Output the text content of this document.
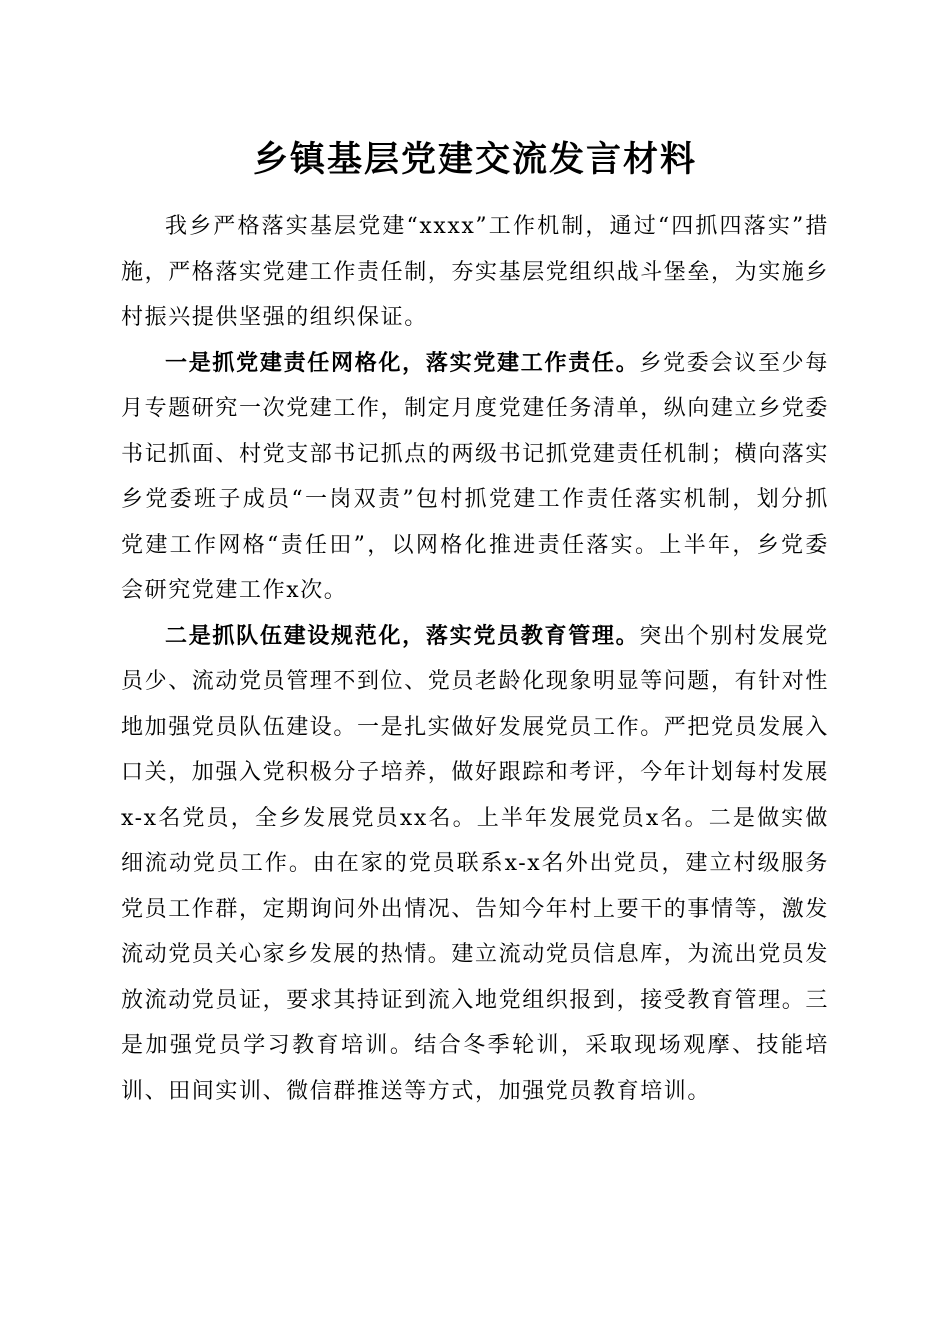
乡镇基层党建交流发言材料

我乡严格落实基层党建“xxxx”工作机制，通过“四抓四落实”措施，严格落实党建工作责任制，夯实基层党组织战斗堡垒，为实施乡村振兴提供坚强的组织保证。

一是抓党建责任网格化，落实党建工作责任。乡党委会议至少每月专题研究一次党建工作，制定月度党建任务清单，纵向建立乡党委书记抓面、村党支部书记抓点的两级书记抓党建责任机制；横向落实乡党委班子成员“一岗双责”包村抓党建工作责任落实机制，划分抓党建工作网格“责任田”，以网格化推进责任落实。上半年，乡党委会研究党建工作x次。

二是抓队伍建设规范化，落实党员教育管理。突出个别村发展党员少、流动党员管理不到位、党员老龄化现象明显等问题，有针对性地加强党员队伍建设。一是扎实做好发展党员工作。严把党员发展入口关，加强入党积极分子培养，做好跟踪和考评，今年计划每村发展x-x名党员，全乡发展党员xx名。上半年发展党员x名。二是做实做细流动党员工作。由在家的党员联系x-x名外出党员，建立村级服务党员工作群，定期询问外出情况、告知今年村上要干的事情等，激发流动党员关心家乡发展的热情。建立流动党员信息库，为流出党员发放流动党员证，要求其持证到流入地党组织报到，接受教育管理。三是加强党员学习教育培训。结合冬季轮训，采取现场观摩、技能培训、田间实训、微信群推送等方式，加强党员教育培训。
